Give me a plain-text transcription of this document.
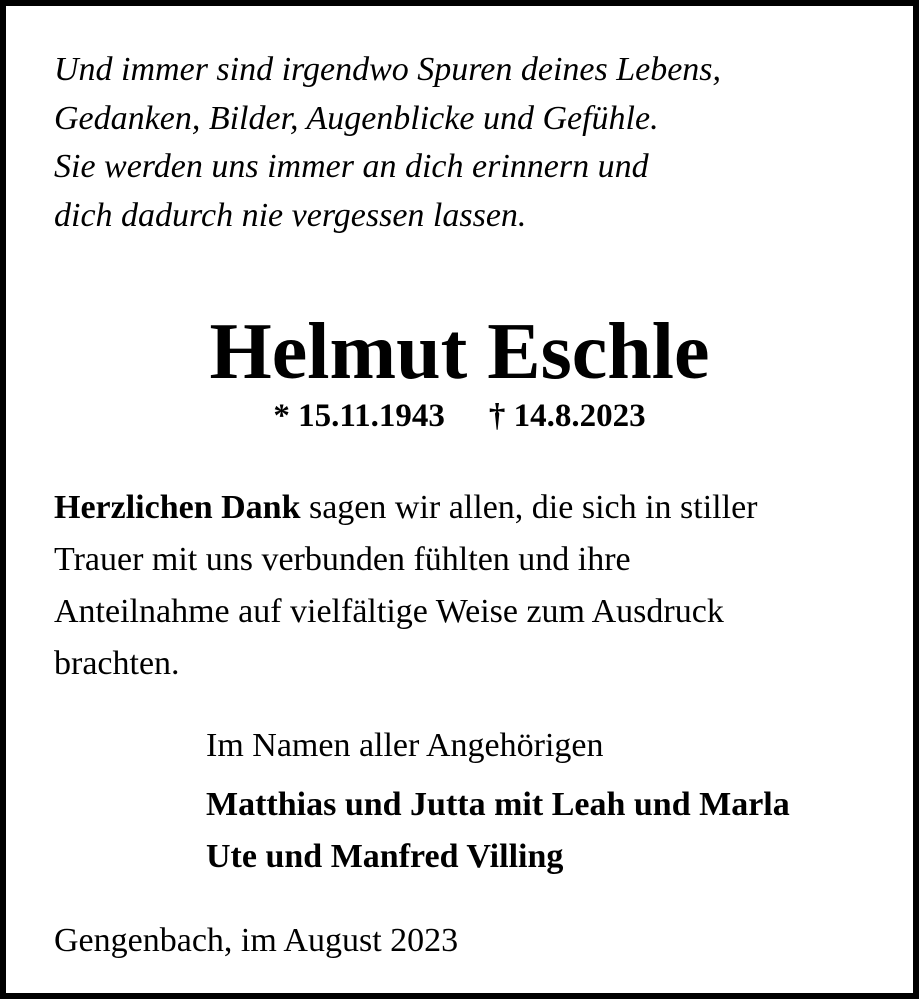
Und immer sind irgendwo Spuren deines Lebens,
Gedanken, Bilder, Augenblicke und Gefühle.
Sie werden uns immer an dich erinnern und
dich dadurch nie vergessen lassen.
Helmut Eschle
* 15.11.1943 † 14.8.2023
Herzlichen Dank sagen wir allen, die sich in stiller
Trauer mit uns verbunden fühlten und ihre
Anteilnahme auf vielfältige Weise zum Ausdruck
brachten.
Im Namen aller Angehörigen
Matthias und Jutta mit Leah und Marla
Ute und Manfred Villing
Gengenbach, im August 2023
